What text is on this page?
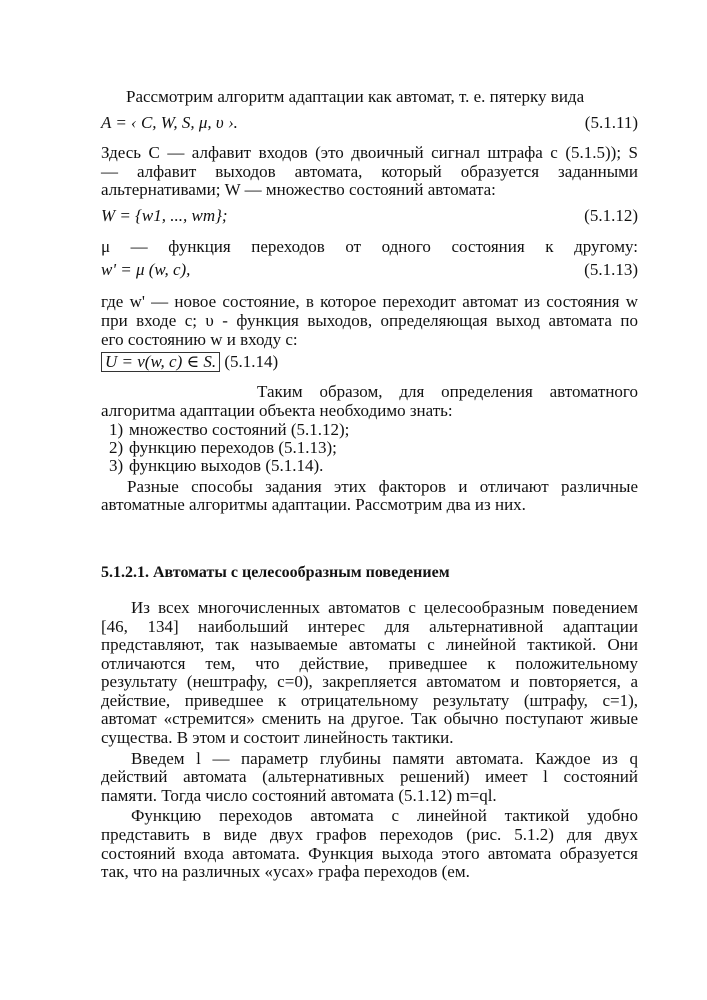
Рассмотрим алгоритм адаптации как автомат, т. е. пятерку вида
A = ‹ C, W, S, μ, υ ›.	(5.1.11)
Здесь C — алфавит входов (это двоичный сигнал штрафа c (5.1.5)); S
— алфавит выходов автомата, который образуется заданными
альтернативами; W — множество состояний автомата:
W = {w1, ..., wm};	(5.1.12)
μ — функция переходов от одного состояния к другому:
w' = μ (w, c),	(5.1.13)
где w' — новое состояние, в которое переходит автомат из состояния w
при входе c; υ - функция выходов, определяющая выход автомата по
его состоянию w и входу c:
U = ν(w, c) ∈ S. (5.1.14)
Таким образом, для определения автоматного
алгоритма адаптации объекта необходимо знать:
1) множество состояний (5.1.12);
2) функцию переходов (5.1.13);
3) функцию выходов (5.1.14).
Разные способы задания этих факторов и отличают различные
автоматные алгоритмы адаптации. Рассмотрим два из них.
5.1.2.1. Автоматы с целесообразным поведением
Из всех многочисленных автоматов с целесообразным поведением
[46, 134] наибольший интерес для альтернативной адаптации
представляют, так называемые автоматы с линейной тактикой. Они
отличаются тем, что действие, приведшее к положительному
результату (нештрафу, c=0), закрепляется автоматом и повторяется, а
действие, приведшее к отрицательному результату (штрафу, c=1),
автомат «стремится» сменить на другое. Так обычно поступают живые
существа. В этом и состоит линейность тактики.
Введем l — параметр глубины памяти автомата. Каждое из q
действий автомата (альтернативных решений) имеет l состояний
памяти. Тогда число состояний автомата (5.1.12) m=ql.
Функцию переходов автомата с линейной тактикой удобно
представить в виде двух графов переходов (рис. 5.1.2) для двух
состояний входа автомата. Функция выхода этого автомата образуется
так, что на различных «усах» графа переходов (ем.
